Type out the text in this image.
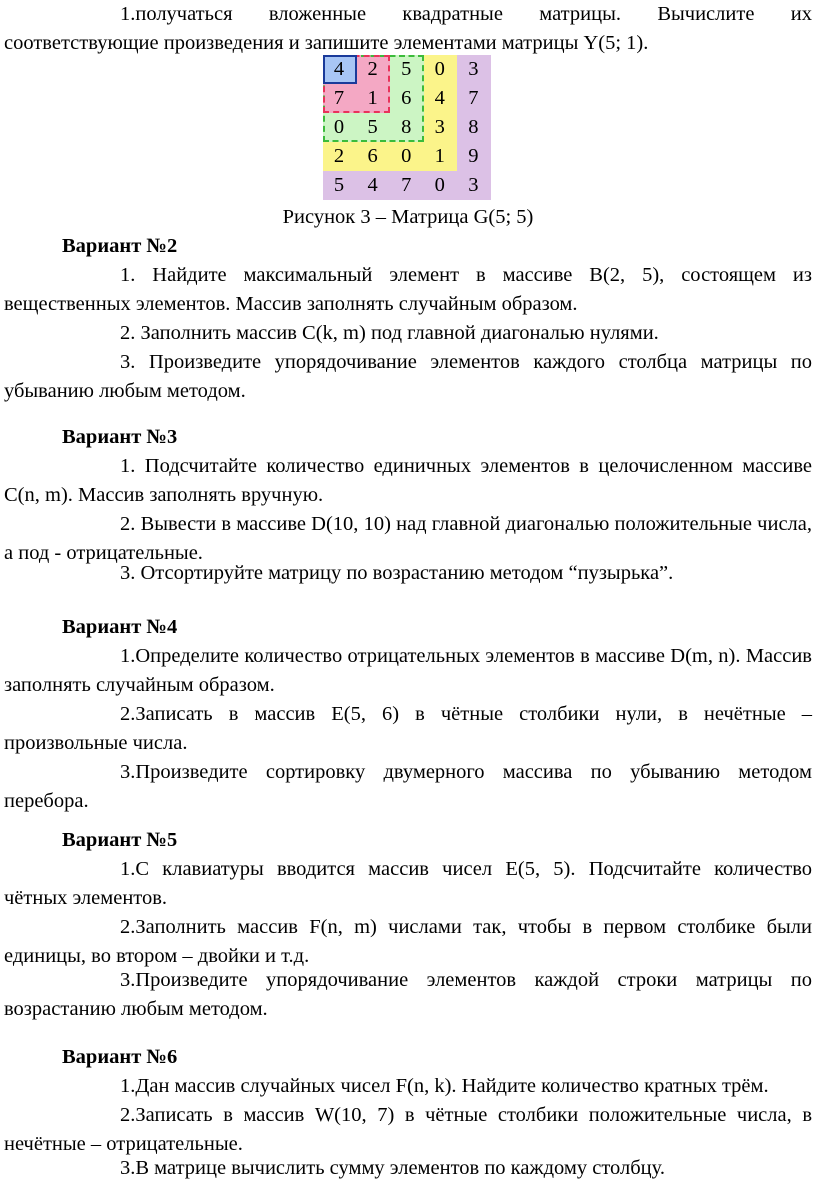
1.получаться вложенные квадратные матрицы. Вычислите их соответствующие произведения и запишите элементами матрицы Y(5; 1).

4	2	5	0	3
7	1	6	4	7
0	5	8	3	8
2	6	0	1	9
5	4	7	0	3

Рисунок 3 – Матрица G(5; 5)

Вариант №2

1. Найдите максимальный элемент в массиве B(2, 5), состоящем из вещественных элементов. Массив заполнять случайным образом.

2. Заполнить массив C(k, m) под главной диагональю нулями.

3. Произведите упорядочивание элементов каждого столбца матрицы по убыванию любым методом.

Вариант №3

1. Подсчитайте количество единичных элементов в целочисленном массиве C(n, m). Массив заполнять вручную.

2. Вывести в массиве D(10, 10) над главной диагональю положительные числа, а под - отрицательные.

3. Отсортируйте матрицу по возрастанию методом “пузырька”.

Вариант №4

1.Определите количество отрицательных элементов в массиве D(m, n). Массив заполнять случайным образом.

2.Записать в массив E(5, 6) в чётные столбики нули, в нечётные – произвольные числа.

3.Произведите сортировку двумерного массива по убыванию методом перебора.

Вариант №5

1.С клавиатуры вводится массив чисел E(5, 5). Подсчитайте количество чётных элементов.

2.Заполнить массив F(n, m) числами так, чтобы в первом столбике были единицы, во втором – двойки и т.д.

3.Произведите упорядочивание элементов каждой строки матрицы по возрастанию любым методом.

Вариант №6

1.Дан массив случайных чисел F(n, k). Найдите количество кратных трём.

2.Записать в массив W(10, 7) в чётные столбики положительные числа, в нечётные – отрицательные.

3.В матрице вычислить сумму элементов по каждому столбцу.
